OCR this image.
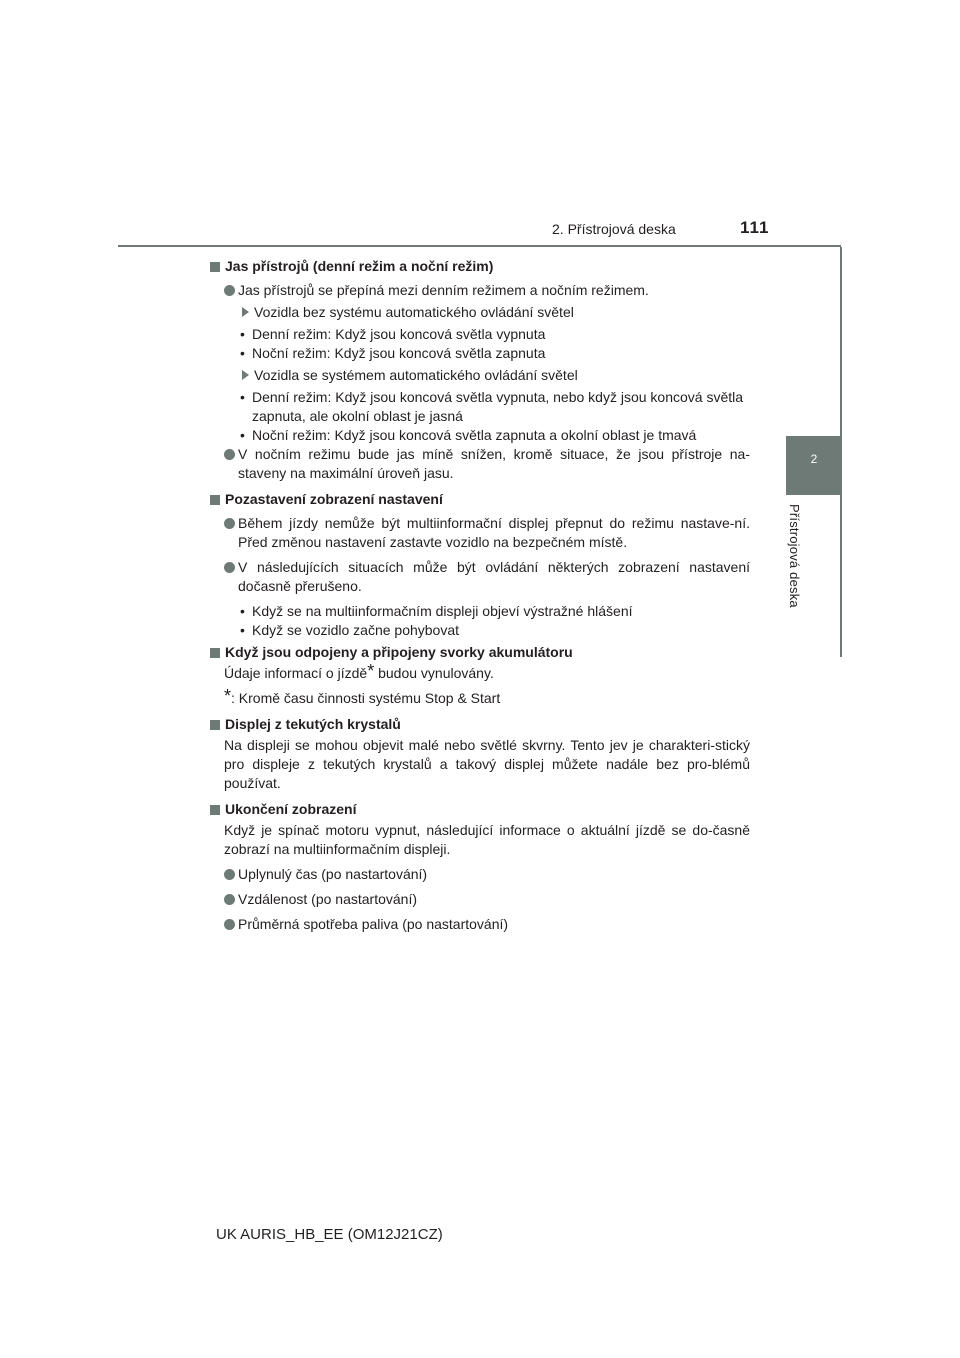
2. Přístrojová deska	111
2
Přístrojová deska
Jas přístrojů (denní režim a noční režim)
Jas přístrojů se přepíná mezi denním režimem a nočním režimem.
Vozidla bez systému automatického ovládání světel
• Denní režim: Když jsou koncová světla vypnuta
• Noční režim: Když jsou koncová světla zapnuta
Vozidla se systémem automatického ovládání světel
• Denní režim: Když jsou koncová světla vypnuta, nebo když jsou koncová světla zapnuta, ale okolní oblast je jasná
• Noční režim: Když jsou koncová světla zapnuta a okolní oblast je tmavá
V nočním režimu bude jas míně snížen, kromě situace, že jsou přístroje na-staveny na maximální úroveň jasu.
Pozastavení zobrazení nastavení
Během jízdy nemůže být multiinformační displej přepnut do režimu nastave-ní. Před změnou nastavení zastavte vozidlo na bezpečném místě.
V následujících situacích může být ovládání některých zobrazení nastavení dočasně přerušeno.
• Když se na multiinformačním displeji objeví výstražné hlášení
• Když se vozidlo začne pohybovat
Když jsou odpojeny a připojeny svorky akumulátoru
Údaje informací o jízdě* budou vynulovány.
*: Kromě času činnosti systému Stop & Start
Displej z tekutých krystalů
Na displeji se mohou objevit malé nebo světlé skvrny. Tento jev je charakteri-stický pro displeje z tekutých krystalů a takový displej můžete nadále bez pro-blémů používat.
Ukončení zobrazení
Když je spínač motoru vypnut, následující informace o aktuální jízdě se do-časně zobrazí na multiinformačním displeji.
Uplynulý čas (po nastartování)
Vzdálenost (po nastartování)
Průměrná spotřeba paliva (po nastartování)
UK AURIS_HB_EE (OM12J21CZ)
